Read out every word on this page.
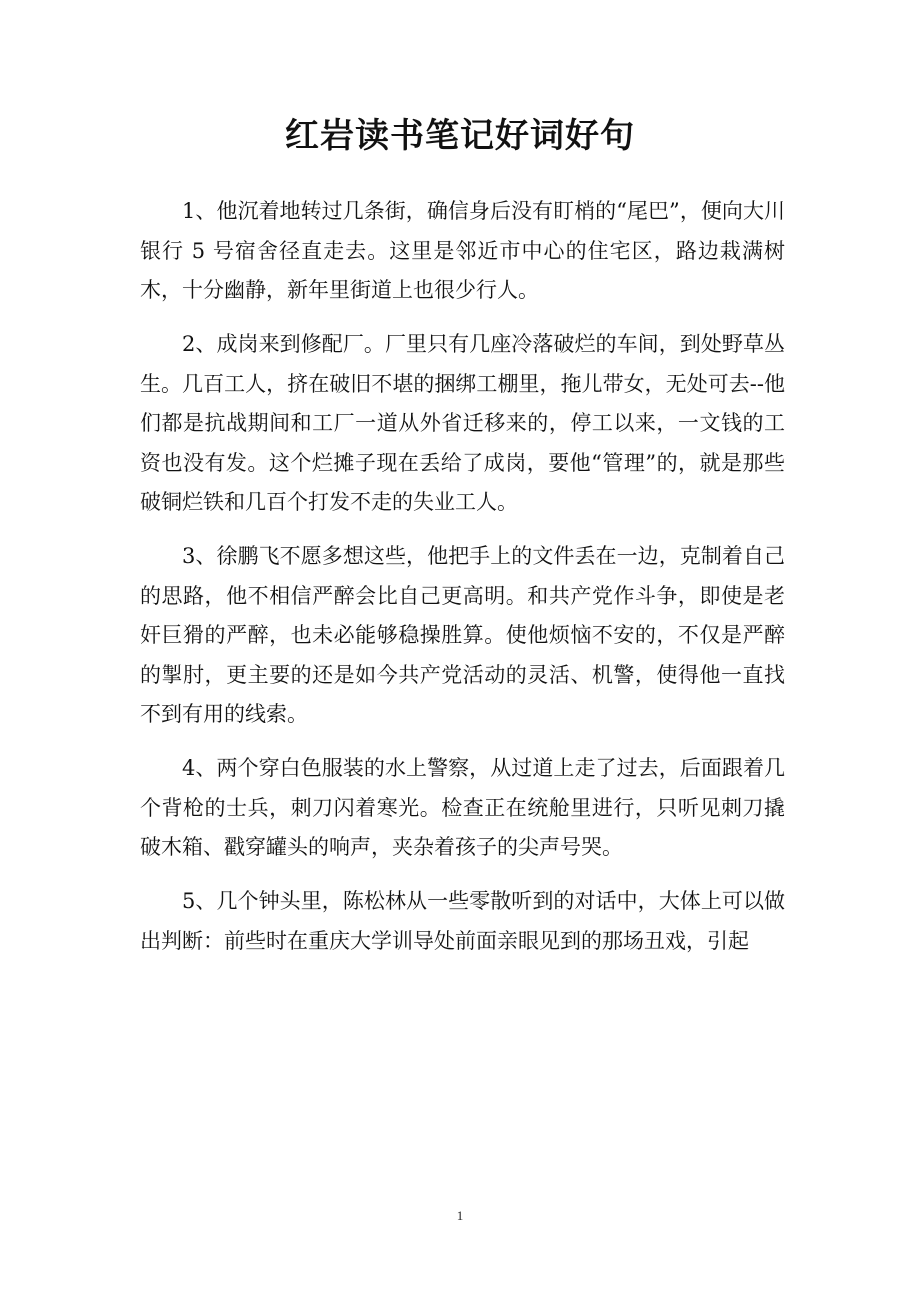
红岩读书笔记好词好句

1、他沉着地转过几条街，确信身后没有盯梢的“尾巴”，便向大川银行 5 号宿舍径直走去。这里是邻近市中心的住宅区，路边栽满树木，十分幽静，新年里街道上也很少行人。

2、成岗来到修配厂。厂里只有几座冷落破烂的车间，到处野草丛生。几百工人，挤在破旧不堪的捆绑工棚里，拖儿带女，无处可去--他们都是抗战期间和工厂一道从外省迁移来的，停工以来，一文钱的工资也没有发。这个烂摊子现在丢给了成岗，要他“管理”的，就是那些破铜烂铁和几百个打发不走的失业工人。

3、徐鹏飞不愿多想这些，他把手上的文件丢在一边，克制着自己的思路，他不相信严醉会比自己更高明。和共产党作斗争，即使是老奸巨猾的严醉，也未必能够稳操胜算。使他烦恼不安的，不仅是严醉的掣肘，更主要的还是如今共产党活动的灵活、机警，使得他一直找不到有用的线索。

4、两个穿白色服装的水上警察，从过道上走了过去，后面跟着几个背枪的士兵，刺刀闪着寒光。检查正在统舱里进行，只听见刺刀撬破木箱、戳穿罐头的响声，夹杂着孩子的尖声号哭。

5、几个钟头里，陈松林从一些零散听到的对话中，大体上可以做出判断：前些时在重庆大学训导处前面亲眼见到的那场丑戏，引起

1
